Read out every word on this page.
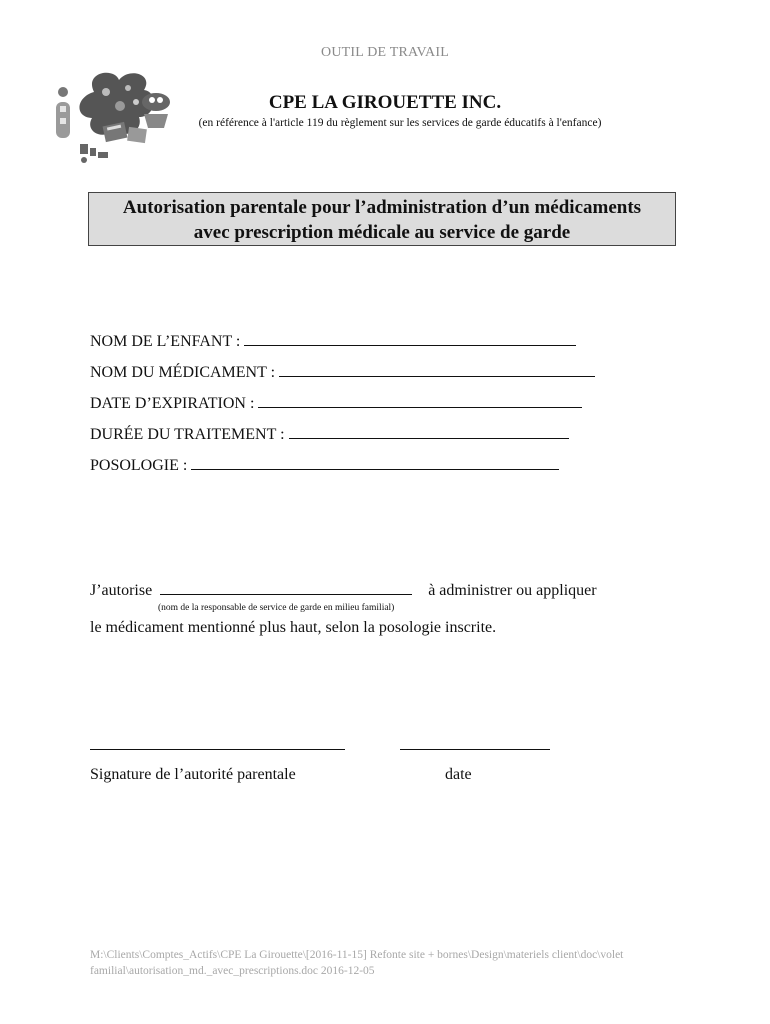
OUTIL DE TRAVAIL
CPE LA GIROUETTE INC.
(en référence à l'article 119 du règlement sur les services de garde éducatifs à l'enfance)
Autorisation parentale pour l’administration d’un médicaments
avec prescription médicale au service de garde
NOM DE L’ENFANT :
NOM DU MÉDICAMENT :
DATE D’EXPIRATION :
DURÉE DU TRAITEMENT :
POSOLOGIE :
J’autorise	à administrer ou appliquer
(nom de la responsable de service de garde en milieu familial)
le médicament mentionné plus haut, selon la posologie inscrite.
Signature de l’autorité parentale	date
M:\Clients\Comptes_Actifs\CPE La Girouette\[2016-11-15] Refonte site + bornes\Design\materiels client\doc\volet
familial\autorisation_md._avec_prescriptions.doc 2016-12-05
